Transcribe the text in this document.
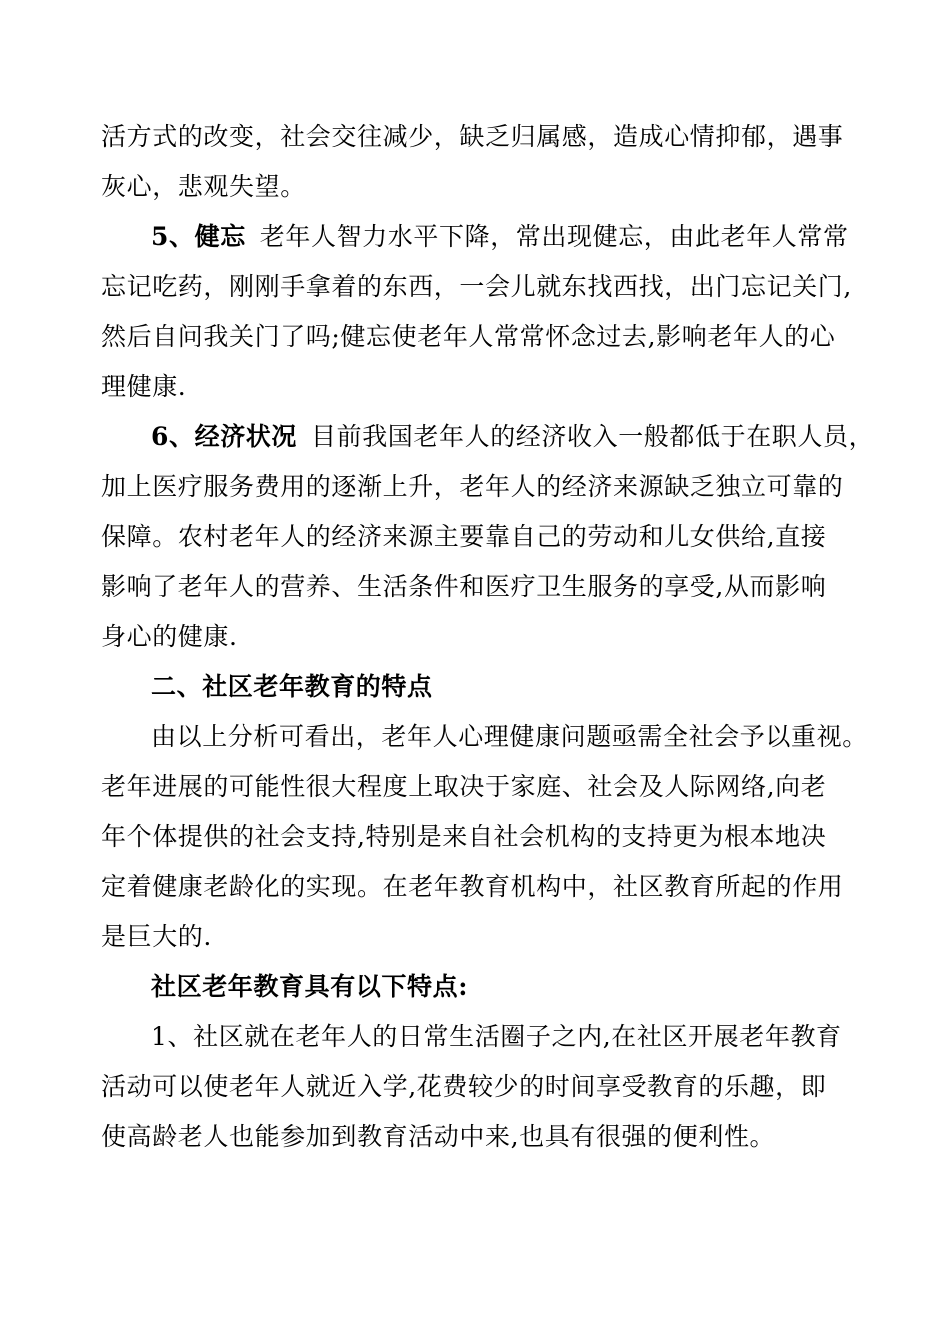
活方式的改变，社会交往减少，缺乏归属感，造成心情抑郁，遇事
灰心，悲观失望。
5、健忘 老年人智力水平下降，常出现健忘，由此老年人常常
忘记吃药，刚刚手拿着的东西，一会儿就东找西找，出门忘记关门,
然后自问我关门了吗;健忘使老年人常常怀念过去,影响老年人的心
理健康.
6、经济状况 目前我国老年人的经济收入一般都低于在职人员，
加上医疗服务费用的逐渐上升，老年人的经济来源缺乏独立可靠的
保障。农村老年人的经济来源主要靠自己的劳动和儿女供给,直接
影响了老年人的营养、生活条件和医疗卫生服务的享受,从而影响
身心的健康.
二、社区老年教育的特点
由以上分析可看出，老年人心理健康问题亟需全社会予以重视。
老年进展的可能性很大程度上取决于家庭、社会及人际网络,向老
年个体提供的社会支持,特别是来自社会机构的支持更为根本地决
定着健康老龄化的实现。在老年教育机构中，社区教育所起的作用
是巨大的.
社区老年教育具有以下特点:
1、社区就在老年人的日常生活圈子之内,在社区开展老年教育
活动可以使老年人就近入学,花费较少的时间享受教育的乐趣，即
使高龄老人也能参加到教育活动中来,也具有很强的便利性。
